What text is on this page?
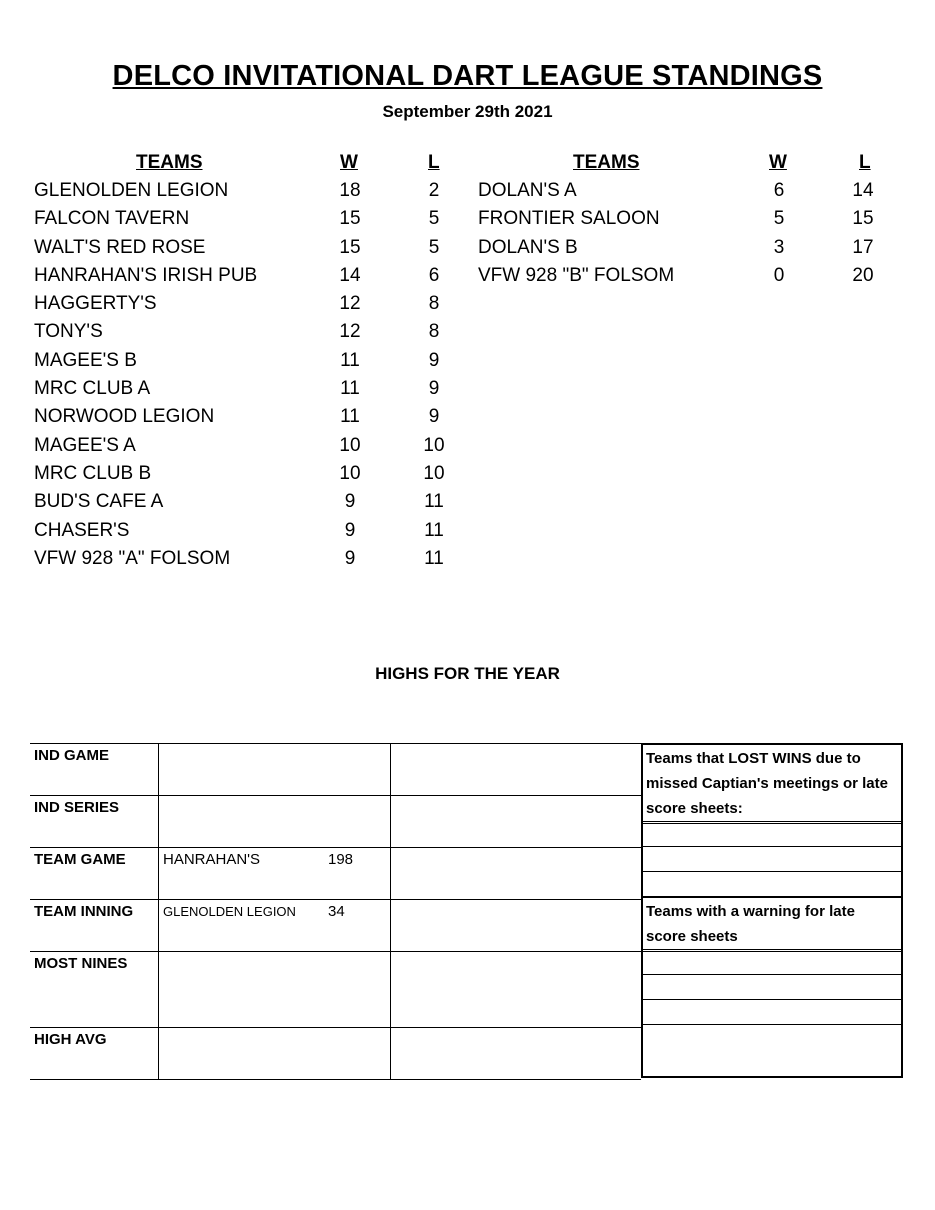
DELCO INVITATIONAL DART LEAGUE STANDINGS
September 29th 2021
TEAMS	W	L
GLENOLDEN LEGION	18	2
FALCON TAVERN	15	5
WALT'S RED ROSE	15	5
HANRAHAN'S IRISH PUB	14	6
HAGGERTY'S	12	8
TONY'S	12	8
MAGEE'S B	11	9
MRC CLUB A	11	9
NORWOOD LEGION	11	9
MAGEE'S A	10	10
MRC CLUB B	10	10
BUD'S CAFE A	9	11
CHASER'S	9	11
VFW 928 "A" FOLSOM	9	11
TEAMS	W	L
DOLAN'S A	6	14
FRONTIER SALOON	5	15
DOLAN'S B	3	17
VFW 928 "B" FOLSOM	0	20
HIGHS FOR THE YEAR
IND GAME		
IND SERIES		
TEAM GAME	HANRAHAN'S 198	
TEAM INNING	GLENOLDEN LEGION 34	
MOST NINES		
HIGH AVG		
Teams that LOST WINS due to missed Captian's meetings or late score sheets:
Teams with a warning for late score sheets
